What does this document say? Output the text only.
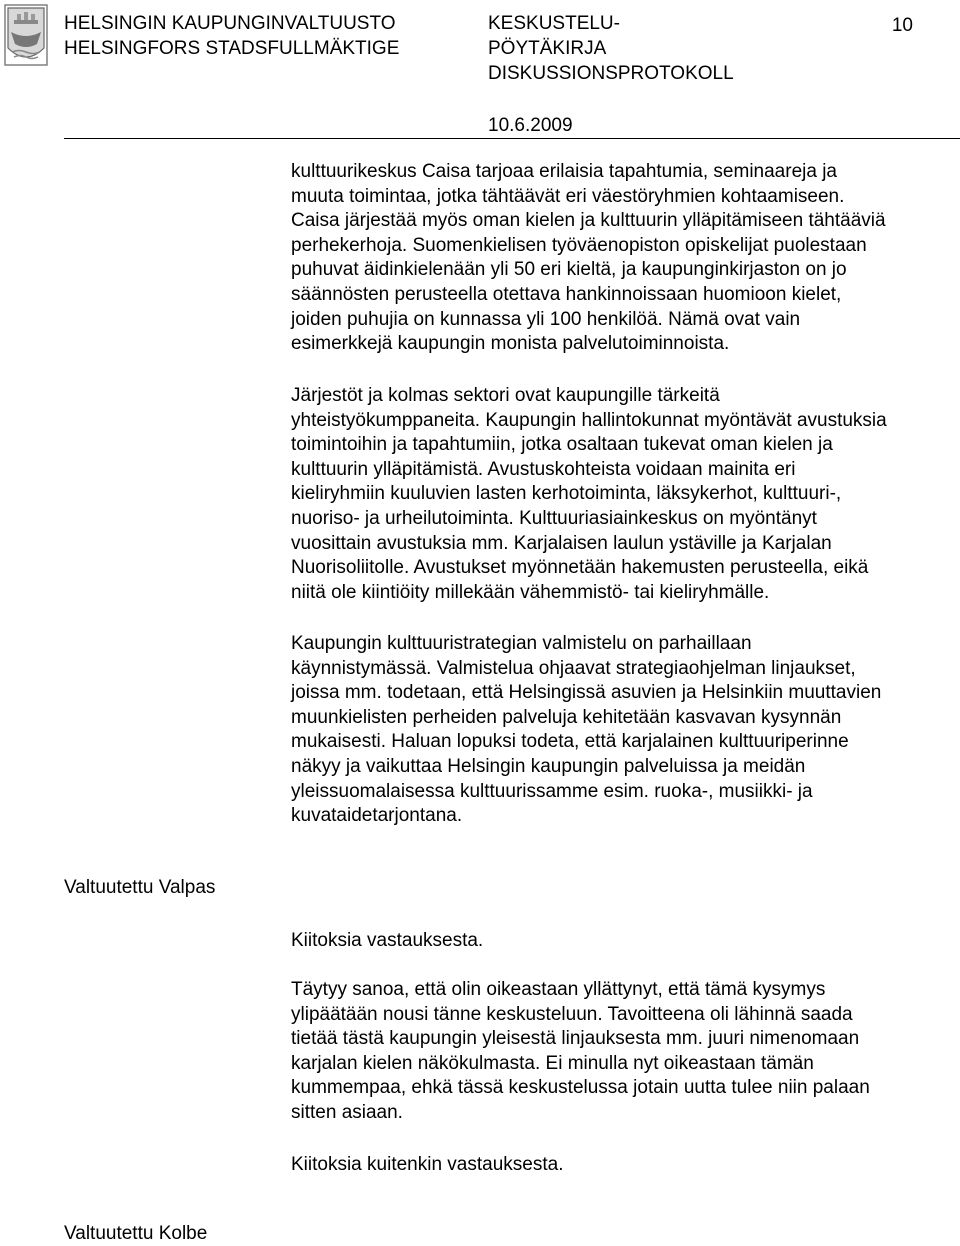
HELSINGIN KAUPUNGINVALTUUSTO
HELSINGFORS STADSFULLMÄKTIGE
KESKUSTELU-
PÖYTÄKIRJA
DISKUSSIONSPROTOKOLL
10
10.6.2009
kulttuurikeskus Caisa tarjoaa erilaisia tapahtumia, seminaareja ja
muuta toimintaa, jotka tähtäävät eri väestöryhmien kohtaamiseen.
Caisa järjestää myös oman kielen ja kulttuurin ylläpitämiseen tähtääviä
perhekerhoja. Suomenkielisen työväenopiston opiskelijat puolestaan
puhuvat äidinkielenään yli 50 eri kieltä, ja kaupunginkirjaston on jo
säännösten perusteella otettava hankinnoissaan huomioon kielet,
joiden puhujia on kunnassa yli 100 henkilöä. Nämä ovat vain
esimerkkejä kaupungin monista palvelutoiminnoista.
Järjestöt ja kolmas sektori ovat kaupungille tärkeitä
yhteistyökumppaneita. Kaupungin hallintokunnat myöntävät avustuksia
toimintoihin ja tapahtumiin, jotka osaltaan tukevat oman kielen ja
kulttuurin ylläpitämistä. Avustuskohteista voidaan mainita eri
kieliryhmiin kuuluvien lasten kerhotoiminta, läksykerhot, kulttuuri-,
nuoriso- ja urheilutoiminta. Kulttuuriasiainkeskus on myöntänyt
vuosittain avustuksia mm. Karjalaisen laulun ystäville ja Karjalan
Nuorisoliitolle. Avustukset myönnetään hakemusten perusteella, eikä
niitä ole kiintiöity millekään vähemmistö- tai kieliryhmälle.
Kaupungin kulttuuristrategian valmistelu on parhaillaan
käynnistymässä. Valmistelua ohjaavat strategiaohjelman linjaukset,
joissa mm. todetaan, että Helsingissä asuvien ja Helsinkiin muuttavien
muunkielisten perheiden palveluja kehitetään kasvavan kysynnän
mukaisesti. Haluan lopuksi todeta, että karjalainen kulttuuriperinne
näkyy ja vaikuttaa Helsingin kaupungin palveluissa ja meidän
yleissuomalaisessa kulttuurissamme esim. ruoka-, musiikki- ja
kuvataidetarjontana.
Valtuutettu Valpas
Kiitoksia vastauksesta.
Täytyy sanoa, että olin oikeastaan yllättynyt, että tämä kysymys
ylipäätään nousi tänne keskusteluun. Tavoitteena oli lähinnä saada
tietää tästä kaupungin yleisestä linjauksesta mm. juuri nimenomaan
karjalan kielen näkökulmasta. Ei minulla nyt oikeastaan tämän
kummempaa, ehkä tässä keskustelussa jotain uutta tulee niin palaan
sitten asiaan.
Kiitoksia kuitenkin vastauksesta.
Valtuutettu Kolbe
